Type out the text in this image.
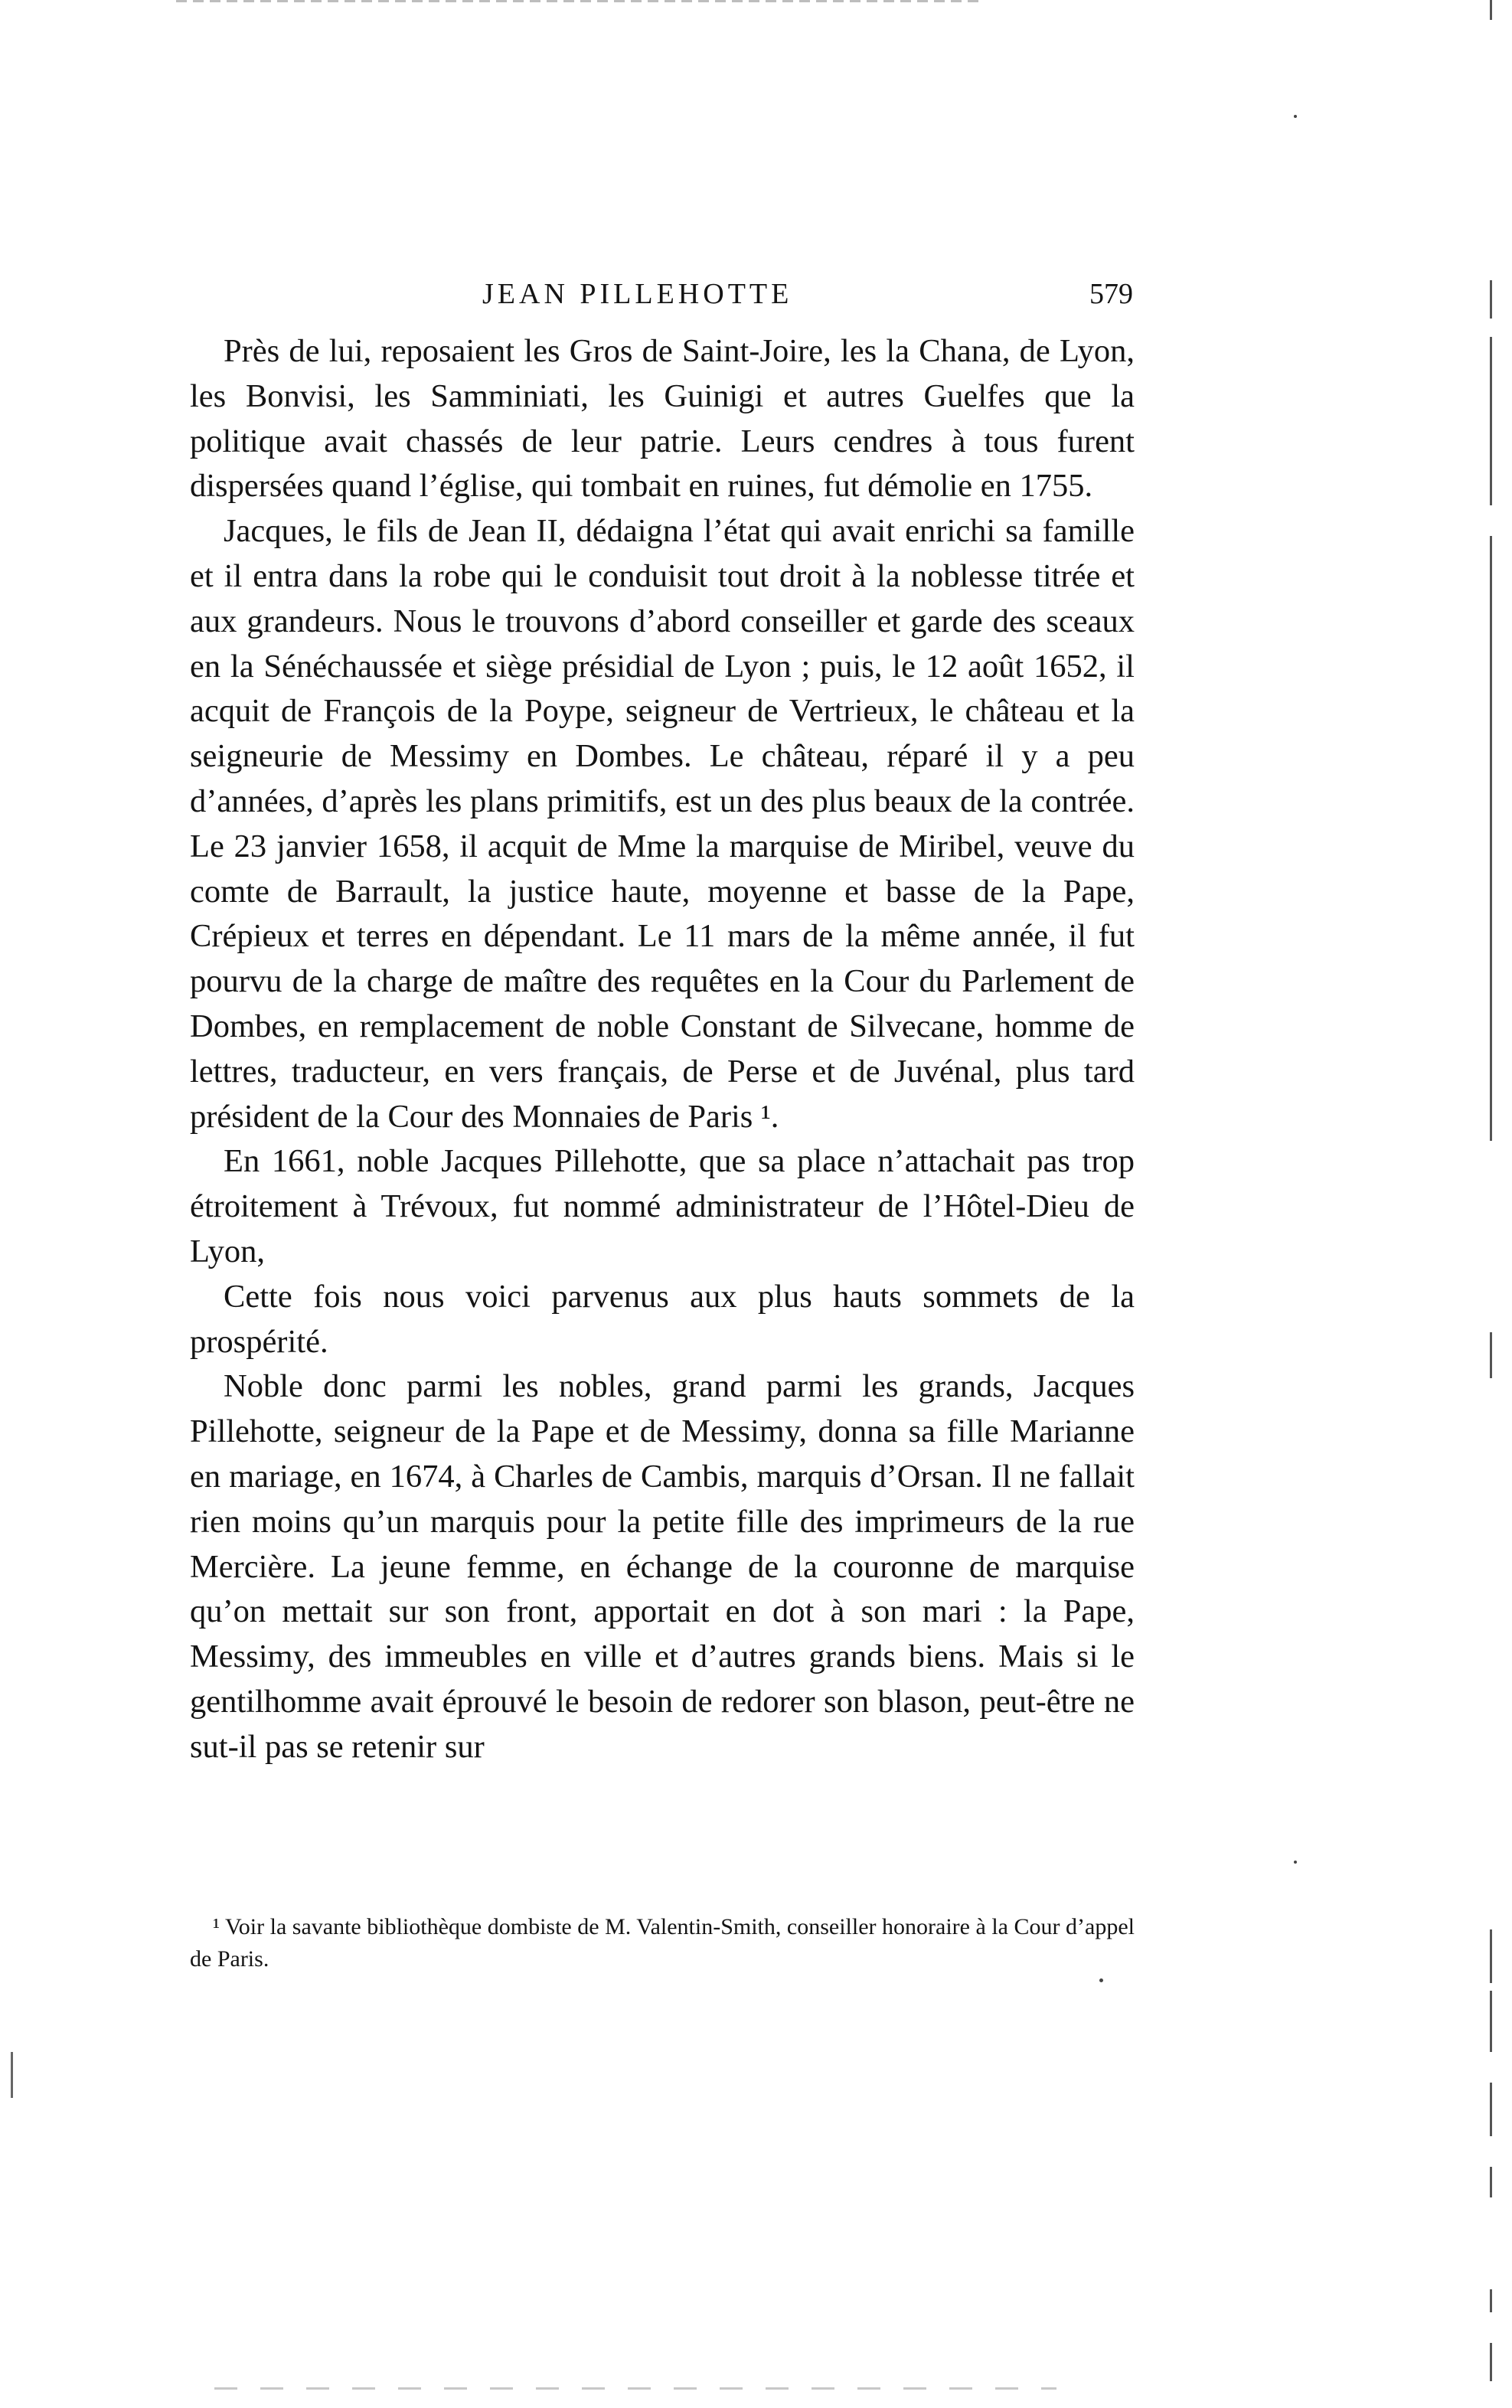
JEAN PILLEHOTTE	579

Près de lui, reposaient les Gros de Saint-Joire, les la Chana, de Lyon, les Bonvisi, les Samminiati, les Guinigi et autres Guelfes que la politique avait chassés de leur patrie. Leurs cendres à tous furent dispersées quand l’église, qui tombait en ruines, fut démolie en 1755.

Jacques, le fils de Jean II, dédaigna l’état qui avait enrichi sa famille et il entra dans la robe qui le conduisit tout droit à la noblesse titrée et aux grandeurs. Nous le trouvons d’abord conseiller et garde des sceaux en la Sénéchaussée et siège présidial de Lyon ; puis, le 12 août 1652, il acquit de François de la Poype, seigneur de Vertrieux, le château et la seigneurie de Messimy en Dombes. Le château, réparé il y a peu d’années, d’après les plans primitifs, est un des plus beaux de la contrée. Le 23 janvier 1658, il acquit de Mme la marquise de Miribel, veuve du comte de Barrault, la justice haute, moyenne et basse de la Pape, Crépieux et terres en dépendant. Le 11 mars de la même année, il fut pourvu de la charge de maître des requêtes en la Cour du Parlement de Dombes, en remplacement de noble Constant de Silvecane, homme de lettres, traducteur, en vers français, de Perse et de Juvénal, plus tard président de la Cour des Monnaies de Paris ¹.

En 1661, noble Jacques Pillehotte, que sa place n’attachait pas trop étroitement à Trévoux, fut nommé administrateur de l’Hôtel-Dieu de Lyon,

Cette fois nous voici parvenus aux plus hauts sommets de la prospérité.

Noble donc parmi les nobles, grand parmi les grands, Jacques Pillehotte, seigneur de la Pape et de Messimy, donna sa fille Marianne en mariage, en 1674, à Charles de Cambis, marquis d’Orsan. Il ne fallait rien moins qu’un marquis pour la petite fille des imprimeurs de la rue Mercière. La jeune femme, en échange de la couronne de marquise qu’on mettait sur son front, apportait en dot à son mari : la Pape, Messimy, des immeubles en ville et d’autres grands biens. Mais si le gentilhomme avait éprouvé le besoin de redorer son blason, peut-être ne sut-il pas se retenir sur

¹ Voir la savante bibliothèque dombiste de M. Valentin-Smith, conseiller honoraire à la Cour d’appel de Paris.
